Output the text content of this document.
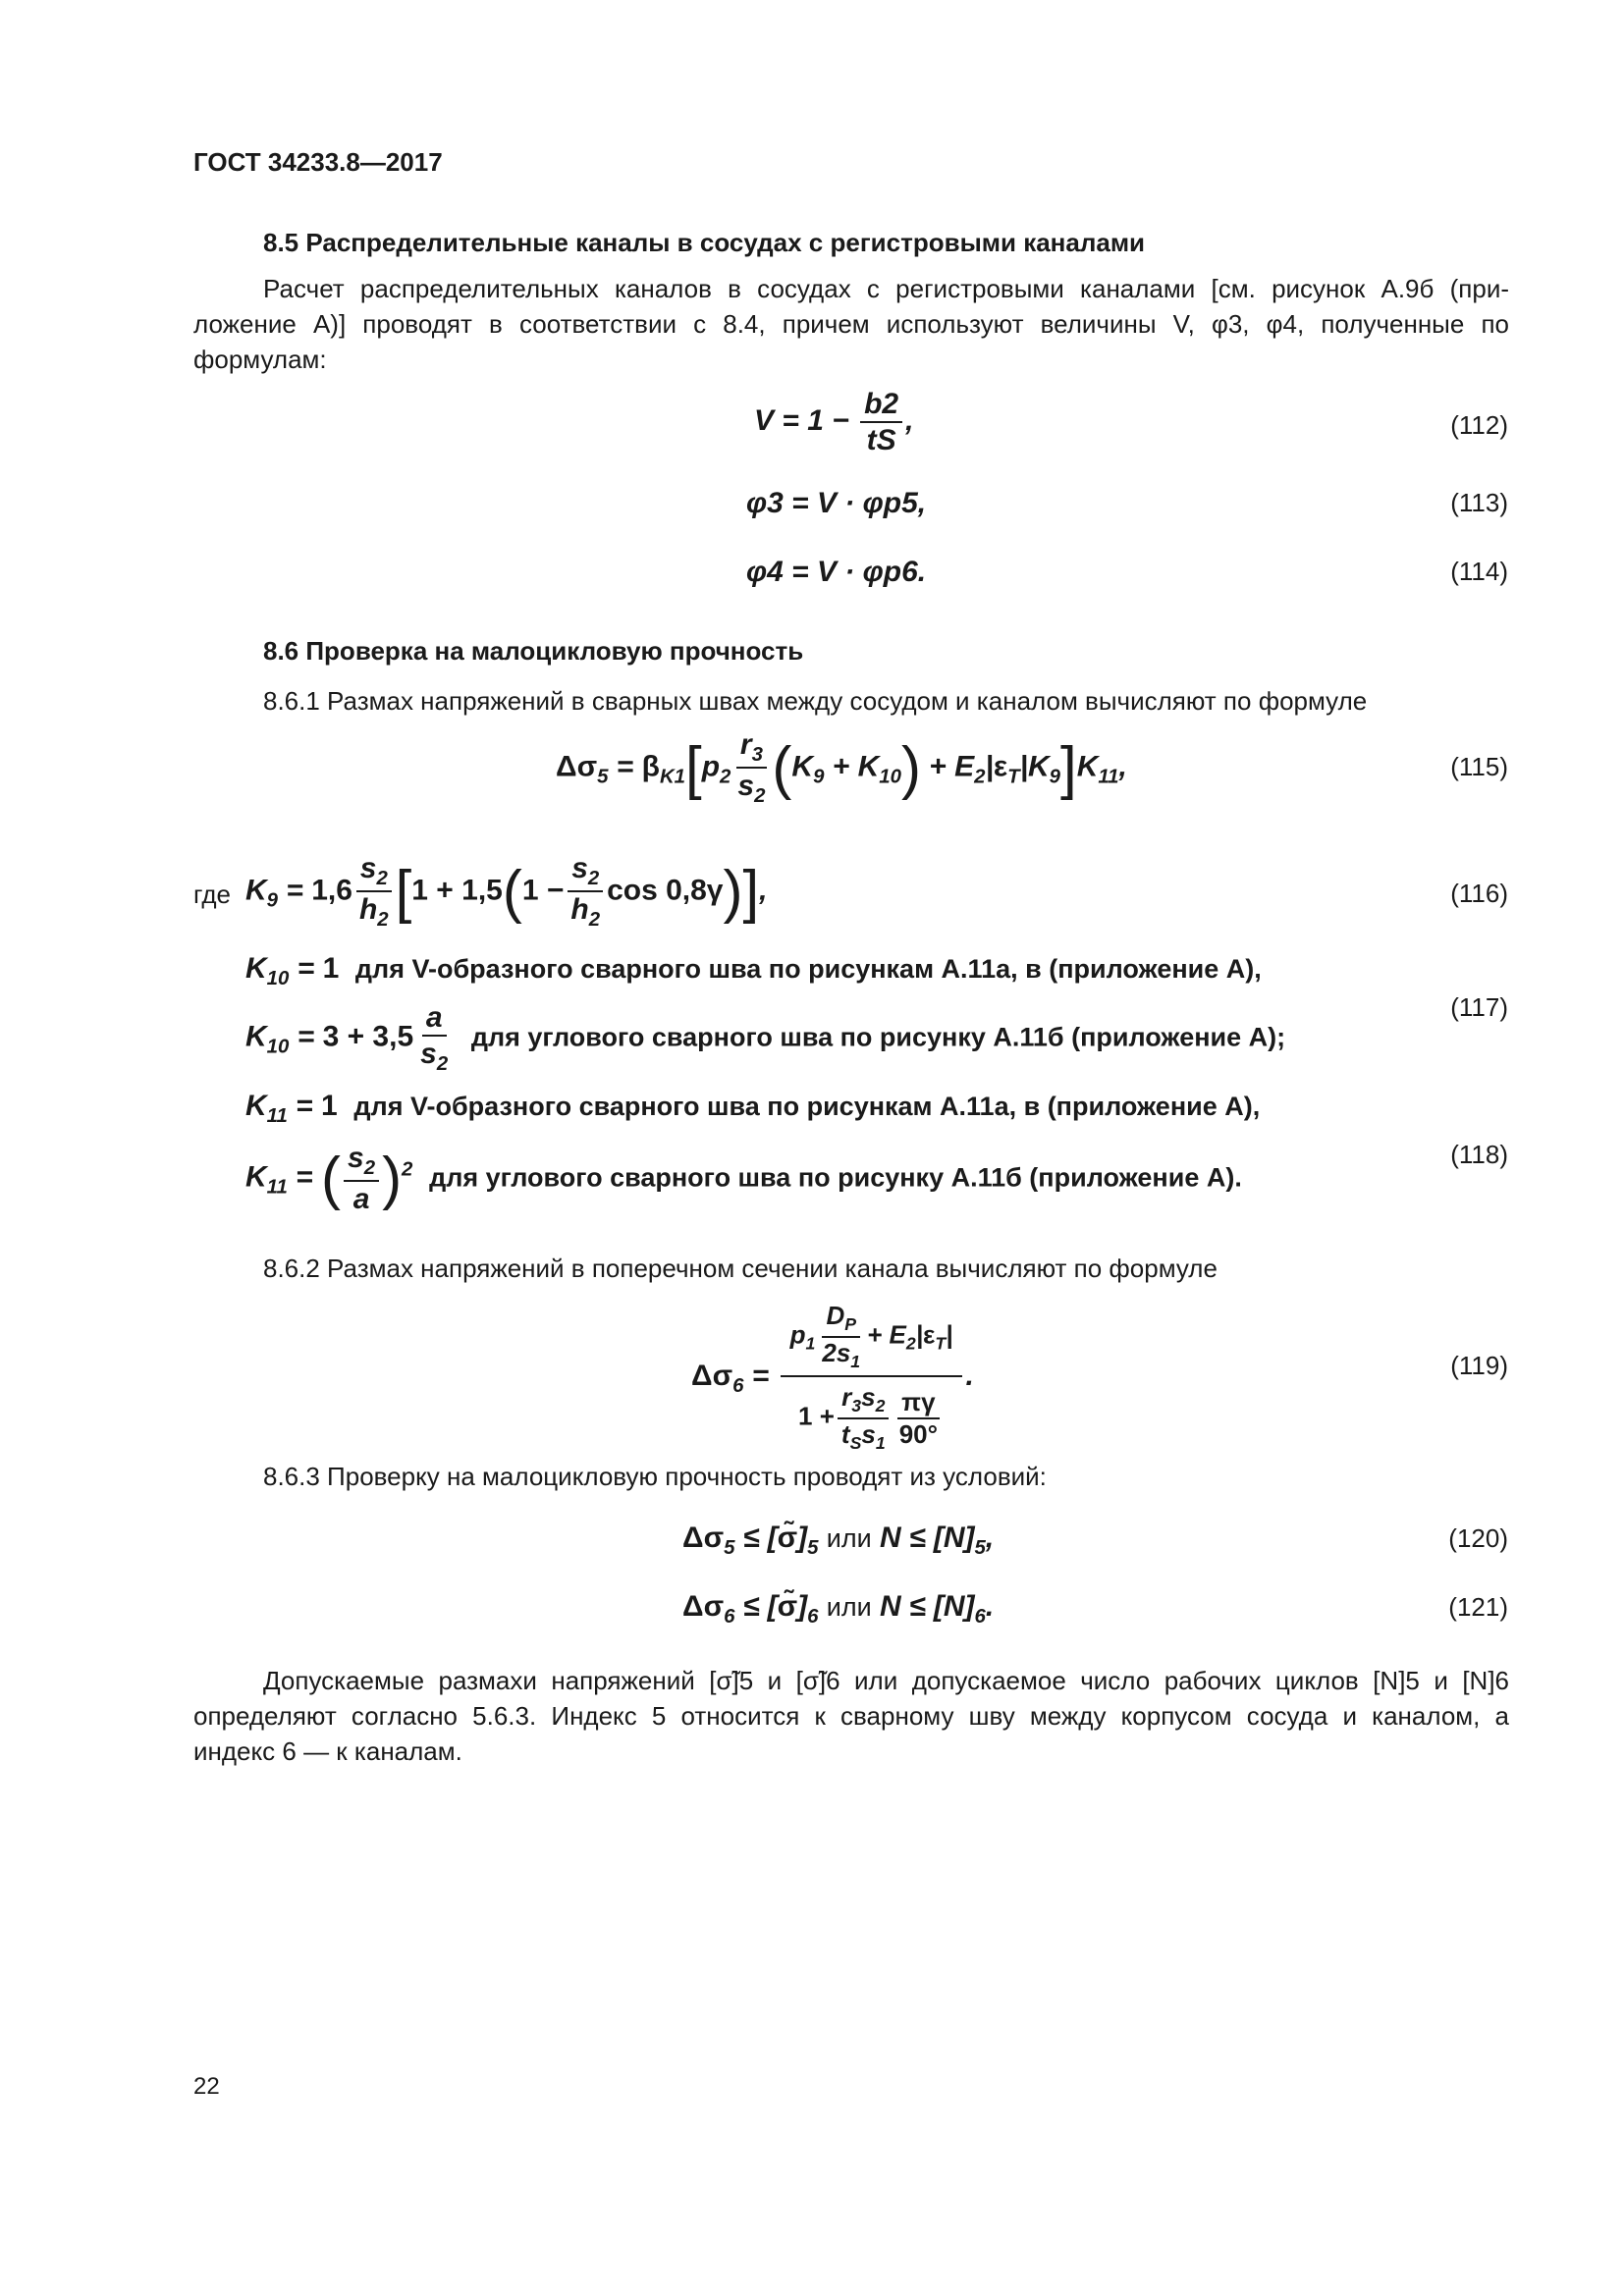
ГОСТ 34233.8—2017
8.5 Распределительные каналы в сосудах с регистровыми каналами
Расчет распределительных каналов в сосудах с регистровыми каналами [см. рисунок А.9б (при-
ложение А)] проводят в соответствии с 8.4, причем используют величины V, φ3, φ4, полученные по
формулам:
$V = 1 - \frac{b2}{tS}$ ,	(112)
φ3 = V · φp5,	(113)
φ4 = V · φp6.	(114)
8.6 Проверка на малоцикловую прочность
8.6.1 Размах напряжений в сварных швах между сосудом и каналом вычисляют по формуле
$\Delta\sigma_5 = \beta_{K1}[p_2 \frac{r_3}{s_2} (K_9 + K_{10}) + E_2|\varepsilon_T|K_9]K_{11}$,	(115)
где $K_9 = 1,6 \frac{s_2}{h_2} [1 + 1,5(1 - \frac{s_2}{h_2}$ cos 0,8γ)],	(116)
$K_{10} = 1$ для V-образного сварного шва по рисункам А.11а, в (приложение А),
$K_{10} = 3 + 3,5 \frac{a}{s_2}$ для углового сварного шва по рисунку А.11б (приложение А);
(117)
$K_{11} = 1$ для V-образного сварного шва по рисункам А.11а, в (приложение А),
$K_{11}$ = ( $\frac{s_2}{a} )^2$ для углового сварного шва по рисунку А.11б (приложение А).
(118)
8.6.2 Размах напряжений в поперечном сечении канала вычисляют по формуле
$\Delta\sigma_6 = \frac{p_1 \frac{D_P}{2s_1} + E_2|\varepsilon_T|}{1 + \frac{r_3s_2}{t_Ss_1} \frac{\pi\gamma}{90^\circ}}$ .	(119)
8.6.3 Проверку на малоцикловую прочность проводят из условий:
$\Delta\sigma_5$ ≤ $[\sigmã]_5$ или $N \le [N]_5$,	(120)
$\Delta\sigma_6$ ≤ $[\sigmã]_6$ или $N \le [N]_6$.	(121)
Допускаемые размахи напряжений [σ̃]5 и [σ̃]6 или допускаемое число рабочих циклов [N]5 и [N]6
определяют согласно 5.6.3. Индекс 5 относится к сварному шву между корпусом сосуда и каналом, а
индекс 6 — к каналам.
22
